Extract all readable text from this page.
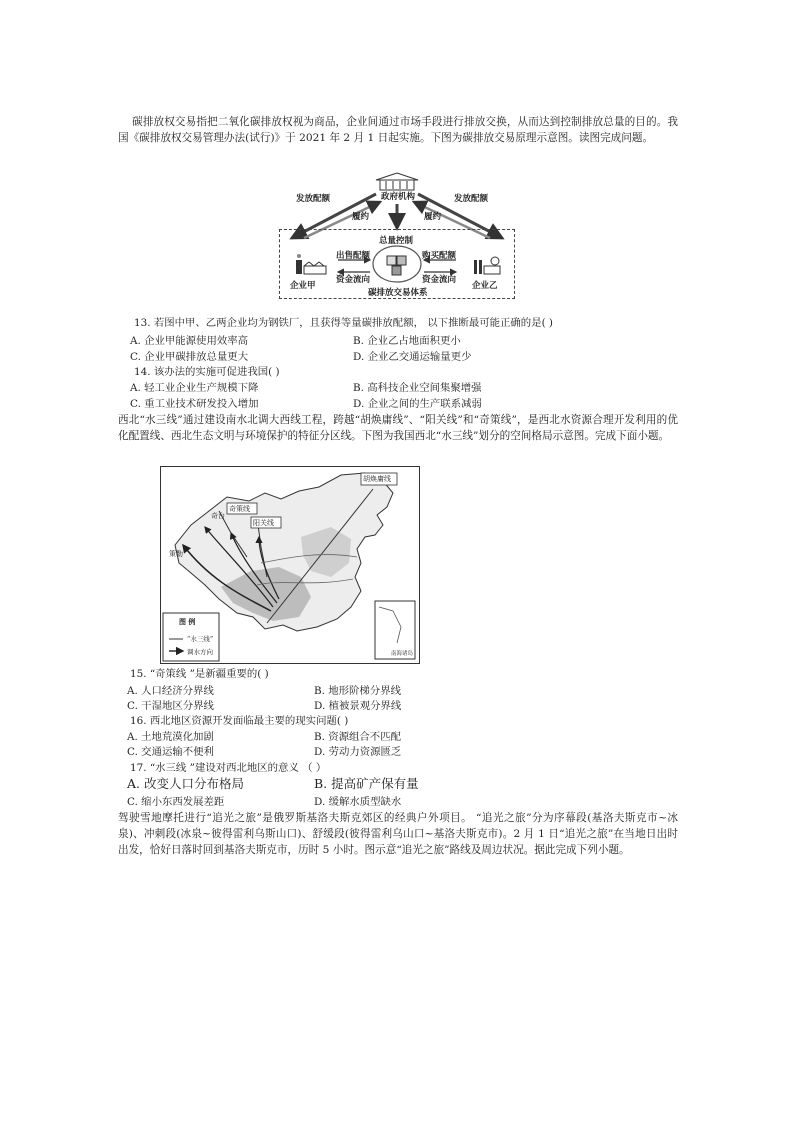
碳排放权交易指把二氧化碳排放权视为商品，企业间通过市场手段进行排放交换，从而达到控制排放总量的目的。我国《碳排放权交易管理办法(试行)》于 2021 年 2 月 1 日起实施。下图为碳排放交易原理示意图。读图完成问题。
政府机构
发放配额	发放配额
履约	履约
总量控制
出售配额	购买配额
资金流向	资金流向
企业甲	企业乙
碳排放交易体系
13. 若图中甲、乙两企业均为钢铁厂，且获得等量碳排放配额， 以下推断最可能正确的是( )
A. 企业甲能源使用效率高	B. 企业乙占地面积更小
C. 企业甲碳排放总量更大	D. 企业乙交通运输量更少
14. 该办法的实施可促进我国( )
A. 轻工业企业生产规模下降	B. 高科技企业空间集聚增强
C. 重工业技术研发投入增加	D. 企业之间的生产联系减弱
西北“水三线”通过建设南水北调大西线工程，跨越“胡焕庸线”、“阳关线”和“奇策线”，是西北水资源合理开发利用的优化配置线、西北生态文明与环境保护的特征分区线。下图为我国西北“水三线”划分的空间格局示意图。完成下面小题。
胡焕庸线
奇策线
阳关线
奇台
策勒
图 例
“水三线”
调水方向	南海诸岛
15. “奇策线 ”是新疆重要的( )
A. 人口经济分界线	B. 地形阶梯分界线
C. 干湿地区分界线	D. 植被景观分界线
16. 西北地区资源开发面临最主要的现实问题( )
A. 土地荒漠化加剧	B. 资源组合不匹配
C. 交通运输不便利	D. 劳动力资源匮乏
17. “水三线 ”建设对西北地区的意义 （ ）
A. 改变人口分布格局	B. 提高矿产保有量
C. 缩小东西发展差距	D. 缓解水质型缺水
驾驶雪地摩托进行“追光之旅”是俄罗斯基洛夫斯克郊区的经典户外项目。 “追光之旅”分为序幕段(基洛夫斯克市~冰泉)、冲刺段(冰泉~彼得雷利乌斯山口)、舒缓段(彼得雷利乌山口~基洛夫斯克市)。2 月 1 日“追光之旅”在当地日出时出发，恰好日落时回到基洛夫斯克市，历时 5 小时。图示意“追光之旅”路线及周边状况。据此完成下列小题。
